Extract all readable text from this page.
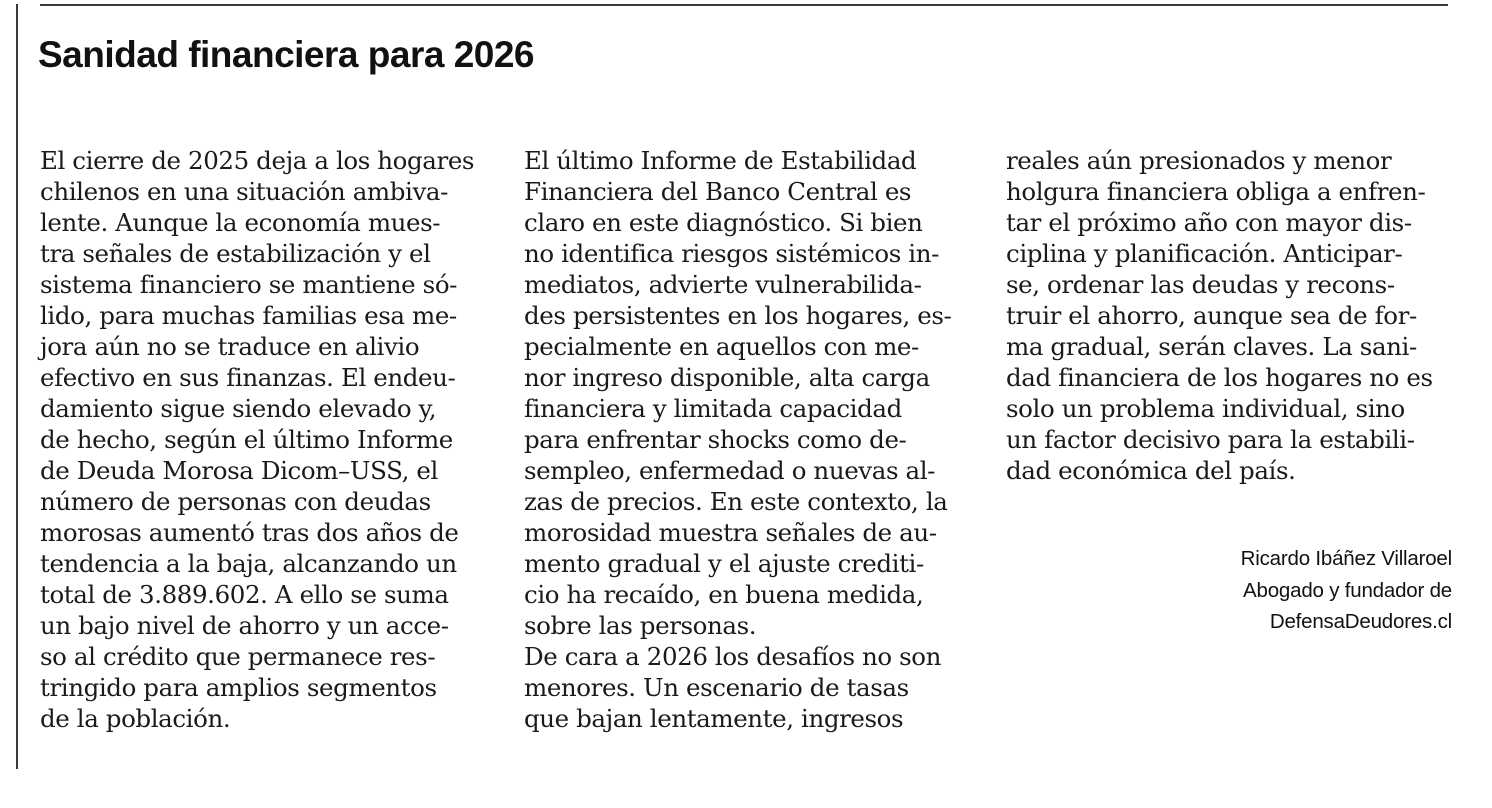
Sanidad financiera para 2026
El cierre de 2025 deja a los hogares
chilenos en una situación ambiva-
lente. Aunque la economía mues-
tra señales de estabilización y el
sistema financiero se mantiene só-
lido, para muchas familias esa me-
jora aún no se traduce en alivio
efectivo en sus finanzas. El endeu-
damiento sigue siendo elevado y,
de hecho, según el último Informe
de Deuda Morosa Dicom–USS, el
número de personas con deudas
morosas aumentó tras dos años de
tendencia a la baja, alcanzando un
total de 3.889.602. A ello se suma
un bajo nivel de ahorro y un acce-
so al crédito que permanece res-
tringido para amplios segmentos
de la población.
El último Informe de Estabilidad
Financiera del Banco Central es
claro en este diagnóstico. Si bien
no identifica riesgos sistémicos in-
mediatos, advierte vulnerabilida-
des persistentes en los hogares, es-
pecialmente en aquellos con me-
nor ingreso disponible, alta carga
financiera y limitada capacidad
para enfrentar shocks como de-
sempleo, enfermedad o nuevas al-
zas de precios. En este contexto, la
morosidad muestra señales de au-
mento gradual y el ajuste crediti-
cio ha recaído, en buena medida,
sobre las personas.
De cara a 2026 los desafíos no son
menores. Un escenario de tasas
que bajan lentamente, ingresos
reales aún presionados y menor
holgura financiera obliga a enfren-
tar el próximo año con mayor dis-
ciplina y planificación. Anticipar-
se, ordenar las deudas y recons-
truir el ahorro, aunque sea de for-
ma gradual, serán claves. La sani-
dad financiera de los hogares no es
solo un problema individual, sino
un factor decisivo para la estabili-
dad económica del país.
Ricardo Ibáñez Villaroel
Abogado y fundador de
DefensaDeudores.cl
